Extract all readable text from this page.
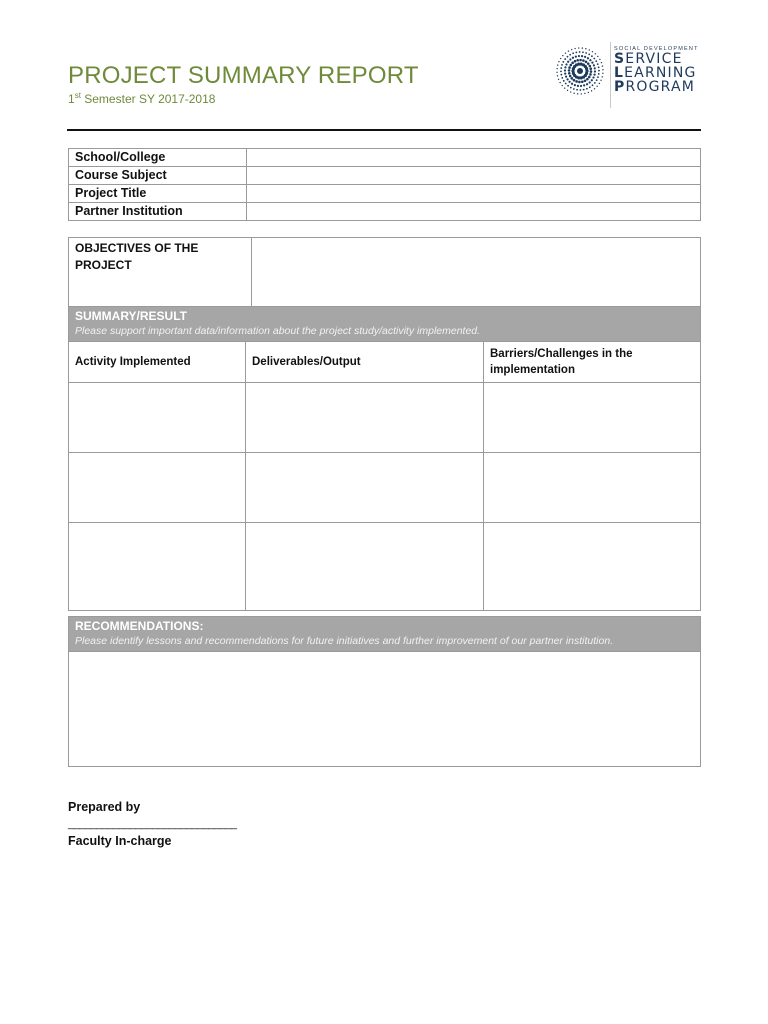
PROJECT SUMMARY REPORT
1st Semester SY 2017-2018
SOCIAL DEVELOPMENT
SERVICE
LEARNING
PROGRAM
School/College	
Course Subject	
Project Title	
Partner Institution	
OBJECTIVES OF THE PROJECT	
SUMMARY/RESULT
Please support important data/information about the project study/activity implemented.		

Activity Implemented	Deliverables/Output	Barriers/Challenges in the implementation

RECOMMENDATIONS:
Please identify lessons and recommendations for future initiatives and further improvement of our partner institution.

Prepared by
______________________________
Faculty In-charge
